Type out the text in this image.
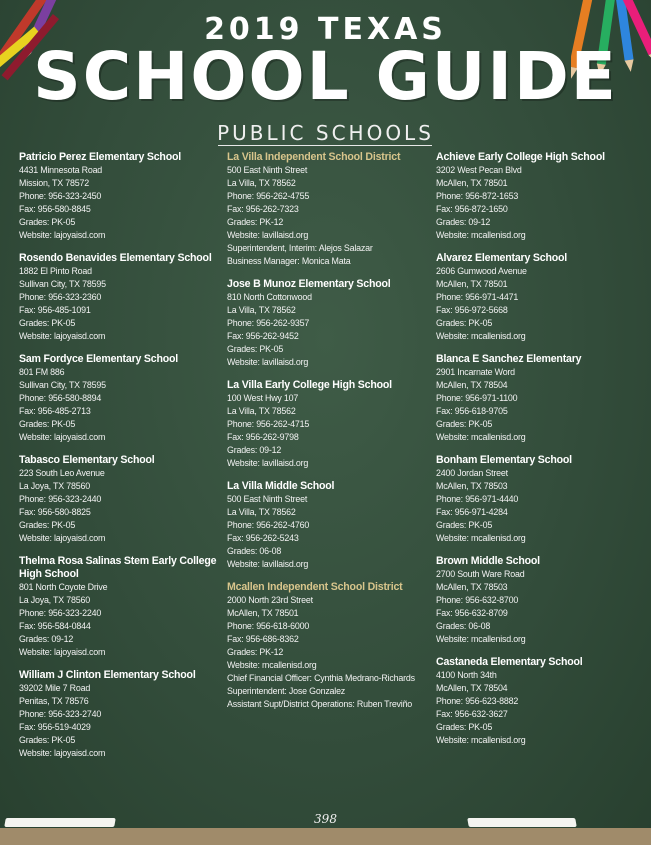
2019 TEXAS
SCHOOL GUIDE
PUBLIC SCHOOLS
Patricio Perez Elementary School
4431 Minnesota Road
Mission, TX 78572
Phone: 956-323-2450
Fax: 956-580-8845
Grades: PK-05
Website: lajoyaisd.com
Rosendo Benavides Elementary School
1882 El Pinto Road
Sullivan City, TX 78595
Phone: 956-323-2360
Fax: 956-485-1091
Grades: PK-05
Website: lajoyaisd.com
Sam Fordyce Elementary School
801 FM 886
Sullivan City, TX 78595
Phone: 956-580-8894
Fax: 956-485-2713
Grades: PK-05
Website: lajoyaisd.com
Tabasco Elementary School
223 South Leo Avenue
La Joya, TX 78560
Phone: 956-323-2440
Fax: 956-580-8825
Grades: PK-05
Website: lajoyaisd.com
Thelma Rosa Salinas Stem Early College High School
801 North Coyote Drive
La Joya, TX 78560
Phone: 956-323-2240
Fax: 956-584-0844
Grades: 09-12
Website: lajoyaisd.com
William J Clinton Elementary School
39202 Mile 7 Road
Penitas, TX 78576
Phone: 956-323-2740
Fax: 956-519-4029
Grades: PK-05
Website: lajoyaisd.com
La Villa Independent School District
500 East Ninth Street
La Villa, TX 78562
Phone: 956-262-4755
Fax: 956-262-7323
Grades: PK-12
Website: lavillaisd.org
Superintendent, Interim: Alejos Salazar
Business Manager: Monica Mata
Jose B Munoz Elementary School
810 North Cottonwood
La Villa, TX 78562
Phone: 956-262-9357
Fax: 956-262-9452
Grades: PK-05
Website: lavillaisd.org
La Villa Early College High School
100 West Hwy 107
La Villa, TX 78562
Phone: 956-262-4715
Fax: 956-262-9798
Grades: 09-12
Website: lavillaisd.org
La Villa Middle School
500 East Ninth Street
La Villa, TX 78562
Phone: 956-262-4760
Fax: 956-262-5243
Grades: 06-08
Website: lavillaisd.org
Mcallen Independent School District
2000 North 23rd Street
McAllen, TX 78501
Phone: 956-618-6000
Fax: 956-686-8362
Grades: PK-12
Website: mcallenisd.org
Chief Financial Officer: Cynthia Medrano-Richards
Superintendent: Jose Gonzalez
Assistant Supt/District Operations: Ruben Treviño
Achieve Early College High School
3202 West Pecan Blvd
McAllen, TX 78501
Phone: 956-872-1653
Fax: 956-872-1650
Grades: 09-12
Website: mcallenisd.org
Alvarez Elementary School
2606 Gumwood Avenue
McAllen, TX 78501
Phone: 956-971-4471
Fax: 956-972-5668
Grades: PK-05
Website: mcallenisd.org
Blanca E Sanchez Elementary
2901 Incarnate Word
McAllen, TX 78504
Phone: 956-971-1100
Fax: 956-618-9705
Grades: PK-05
Website: mcallenisd.org
Bonham Elementary School
2400 Jordan Street
McAllen, TX 78503
Phone: 956-971-4440
Fax: 956-971-4284
Grades: PK-05
Website: mcallenisd.org
Brown Middle School
2700 South Ware Road
McAllen, TX 78503
Phone: 956-632-8700
Fax: 956-632-8709
Grades: 06-08
Website: mcallenisd.org
Castaneda Elementary School
4100 North 34th
McAllen, TX 78504
Phone: 956-623-8882
Fax: 956-632-3627
Grades: PK-05
Website: mcallenisd.org
398
